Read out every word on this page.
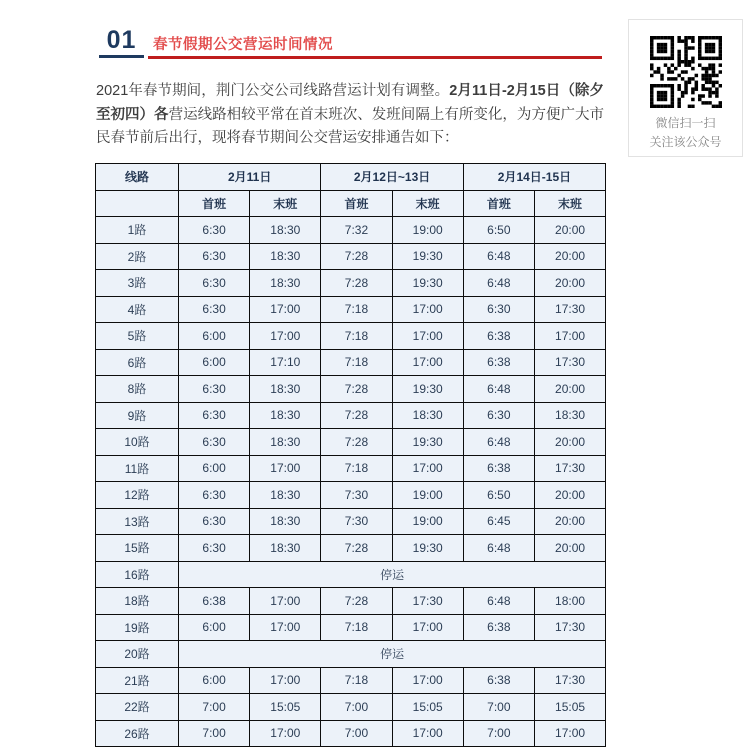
01	春节假期公交营运时间情况

2021年春节期间，荆门公交公司线路营运计划有调整。2月11日-2月15日（除夕至初四）各营运线路相较平常在首末班次、发班间隔上有所变化，为方便广大市民春节前后出行，现将春节期间公交营运安排通告如下：

线路	2月11日		2月12日~13日		2月14日-15日	
	首班	末班	首班	末班	首班	末班
1路	6:30	18:30	7:32	19:00	6:50	20:00
2路	6:30	18:30	7:28	19:30	6:48	20:00
3路	6:30	18:30	7:28	19:30	6:48	20:00
4路	6:30	17:00	7:18	17:00	6:30	17:30
5路	6:00	17:00	7:18	17:00	6:38	17:00
6路	6:00	17:10	7:18	17:00	6:38	17:30
8路	6:30	18:30	7:28	19:30	6:48	20:00
9路	6:30	18:30	7:28	18:30	6:30	18:30
10路	6:30	18:30	7:28	19:30	6:48	20:00
11路	6:00	17:00	7:18	17:00	6:38	17:30
12路	6:30	18:30	7:30	19:00	6:50	20:00
13路	6:30	18:30	7:30	19:00	6:45	20:00
15路	6:30	18:30	7:28	19:30	6:48	20:00
16路	停运					
18路	6:38	17:00	7:28	17:30	6:48	18:00
19路	6:00	17:00	7:18	17:00	6:38	17:30
20路	停运					
21路	6:00	17:00	7:18	17:00	6:38	17:30
22路	7:00	15:05	7:00	15:05	7:00	15:05
26路	7:00	17:00	7:00	17:00	7:00	17:00
微信扫一扫
关注该公众号
